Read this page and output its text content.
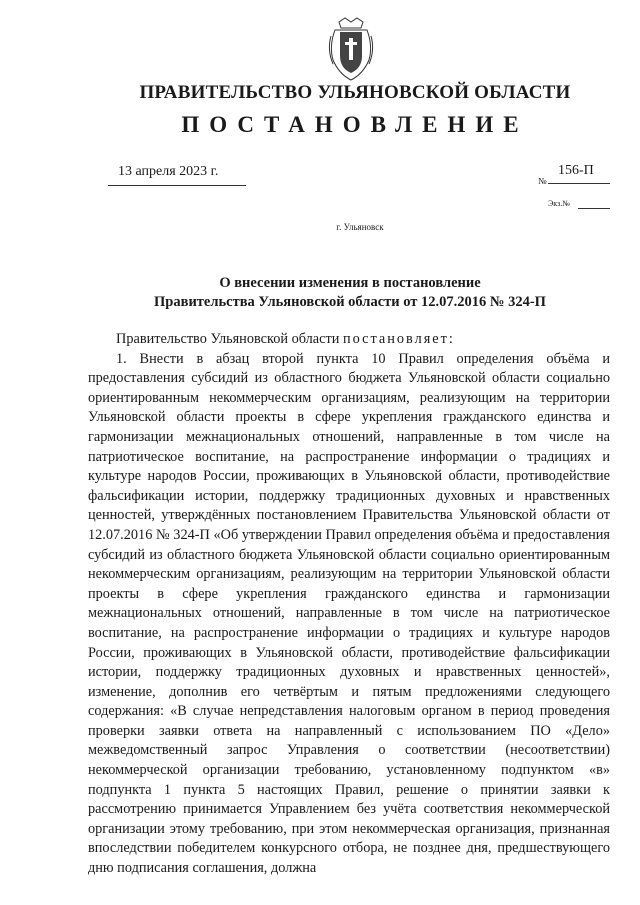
ПРАВИТЕЛЬСТВО УЛЬЯНОВСКОЙ ОБЛАСТИ
ПОСТАНОВЛЕНИЕ
13 апреля 2023 г.
№
156-П
Экз.№
г. Ульяновск
О внесении изменения в постановление
Правительства Ульяновской области от 12.07.2016 № 324-П

Правительство Ульяновской области постановляет:

1. Внести в абзац второй пункта 10 Правил определения объёма и предоставления субсидий из областного бюджета Ульяновской области социально ориентированным некоммерческим организациям, реализующим на территории Ульяновской области проекты в сфере укрепления гражданского единства и гармонизации межнациональных отношений, направленные в том числе на патриотическое воспитание, на распространение информации о традициях и культуре народов России, проживающих в Ульяновской области, противодействие фальсификации истории, поддержку традиционных духовных и нравственных ценностей, утверждённых постановлением Правительства Ульяновской области от 12.07.2016 № 324-П «Об утверждении Правил определения объёма и предоставления субсидий из областного бюджета Ульяновской области социально ориентированным некоммерческим организациям, реализующим на территории Ульяновской области проекты в сфере укрепления гражданского единства и гармонизации межнациональных отношений, направленные в том числе на патриотическое воспитание, на распространение информации о традициях и культуре народов России, проживающих в Ульяновской области, противодействие фальсификации истории, поддержку традиционных духовных и нравственных ценностей», изменение, дополнив его четвёртым и пятым предложениями следующего содержания: «В случае непредставления налоговым органом в период проведения проверки заявки ответа на направленный с использованием ПО «Дело» межведомственный запрос Управления о соответствии (несоответствии) некоммерческой организации требованию, установленному подпунктом «в» подпункта 1 пункта 5 настоящих Правил, решение о принятии заявки к рассмотрению принимается Управлением без учёта соответствия некоммерческой организации этому требованию, при этом некоммерческая организация, признанная впоследствии победителем конкурсного отбора, не позднее дня, предшествующего дню подписания соглашения, должна
